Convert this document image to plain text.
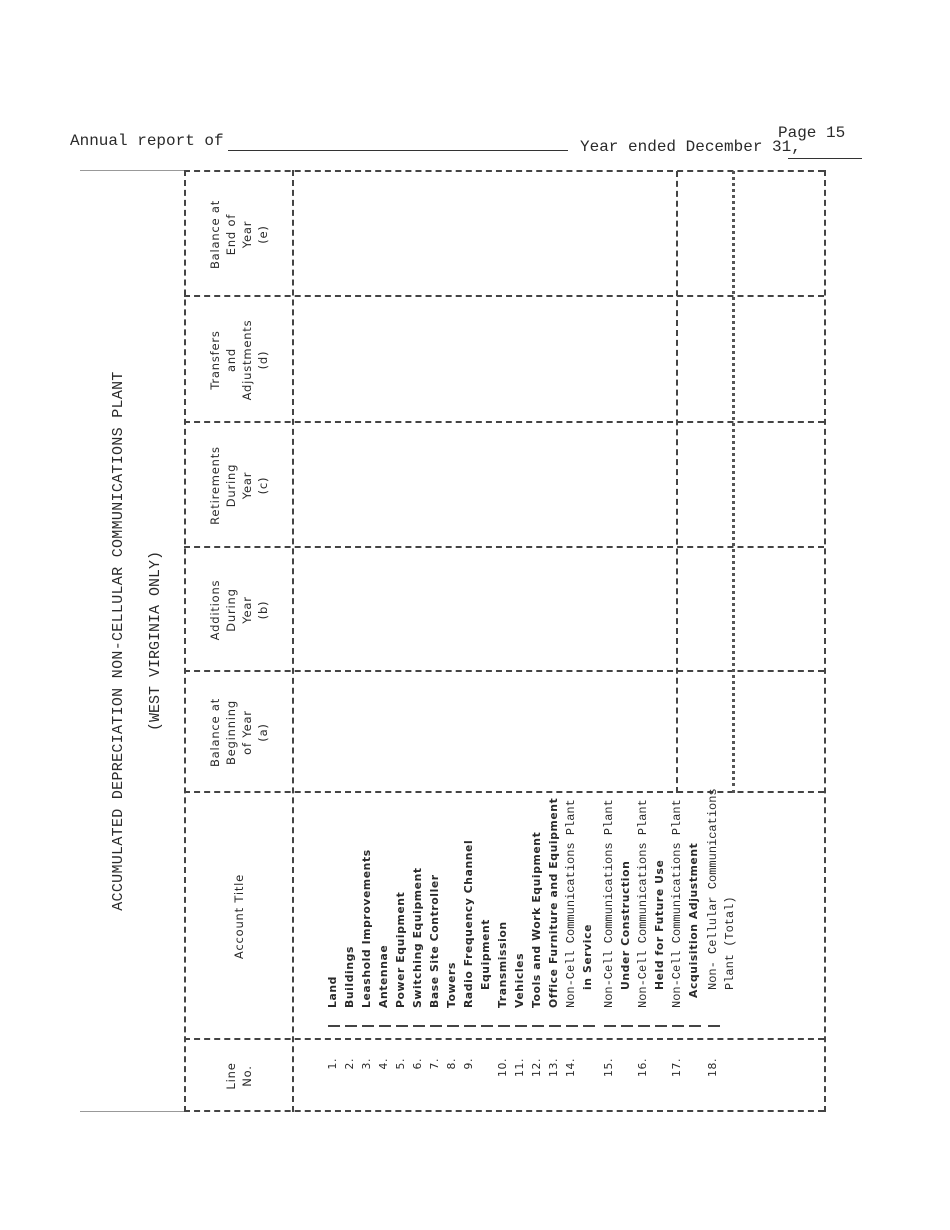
Annual report of	Year ended December 31,
Page 15
ACCUMULATED DEPRECIATION NON-CELLULAR COMMUNICATIONS PLANT (WEST VIRGINIA ONLY)
Account Title
Line No.
Balance at Beginning of Year (a)
Additions During Year (b)
Retirements During Year (c)
Transfers and Adjustments (d)
Balance at End of Year (e)
1.
Land
2.
Buildings
3.
Leashold Improvements
4.
Antennae
5.
Power Equipment
6.
Switching Equipment
7.
Base Site Controller
8.
Towers
9.
Radio Frequency Channel Equipment
10.
Transmission
11.
Vehicles
12.
Tools and Work Equipment
13.
Office Furniture and Equipment
14.
Non-Cell Communications Plant in Service
15.
Non-Cell Communications Plant Under Construction
16.
Non-Cell Communications Plant Held for Future Use
17.
Non-Cell Communications Plant Acquisition Adjustment
18.
Non- Cellular Communications Plant (Total)
